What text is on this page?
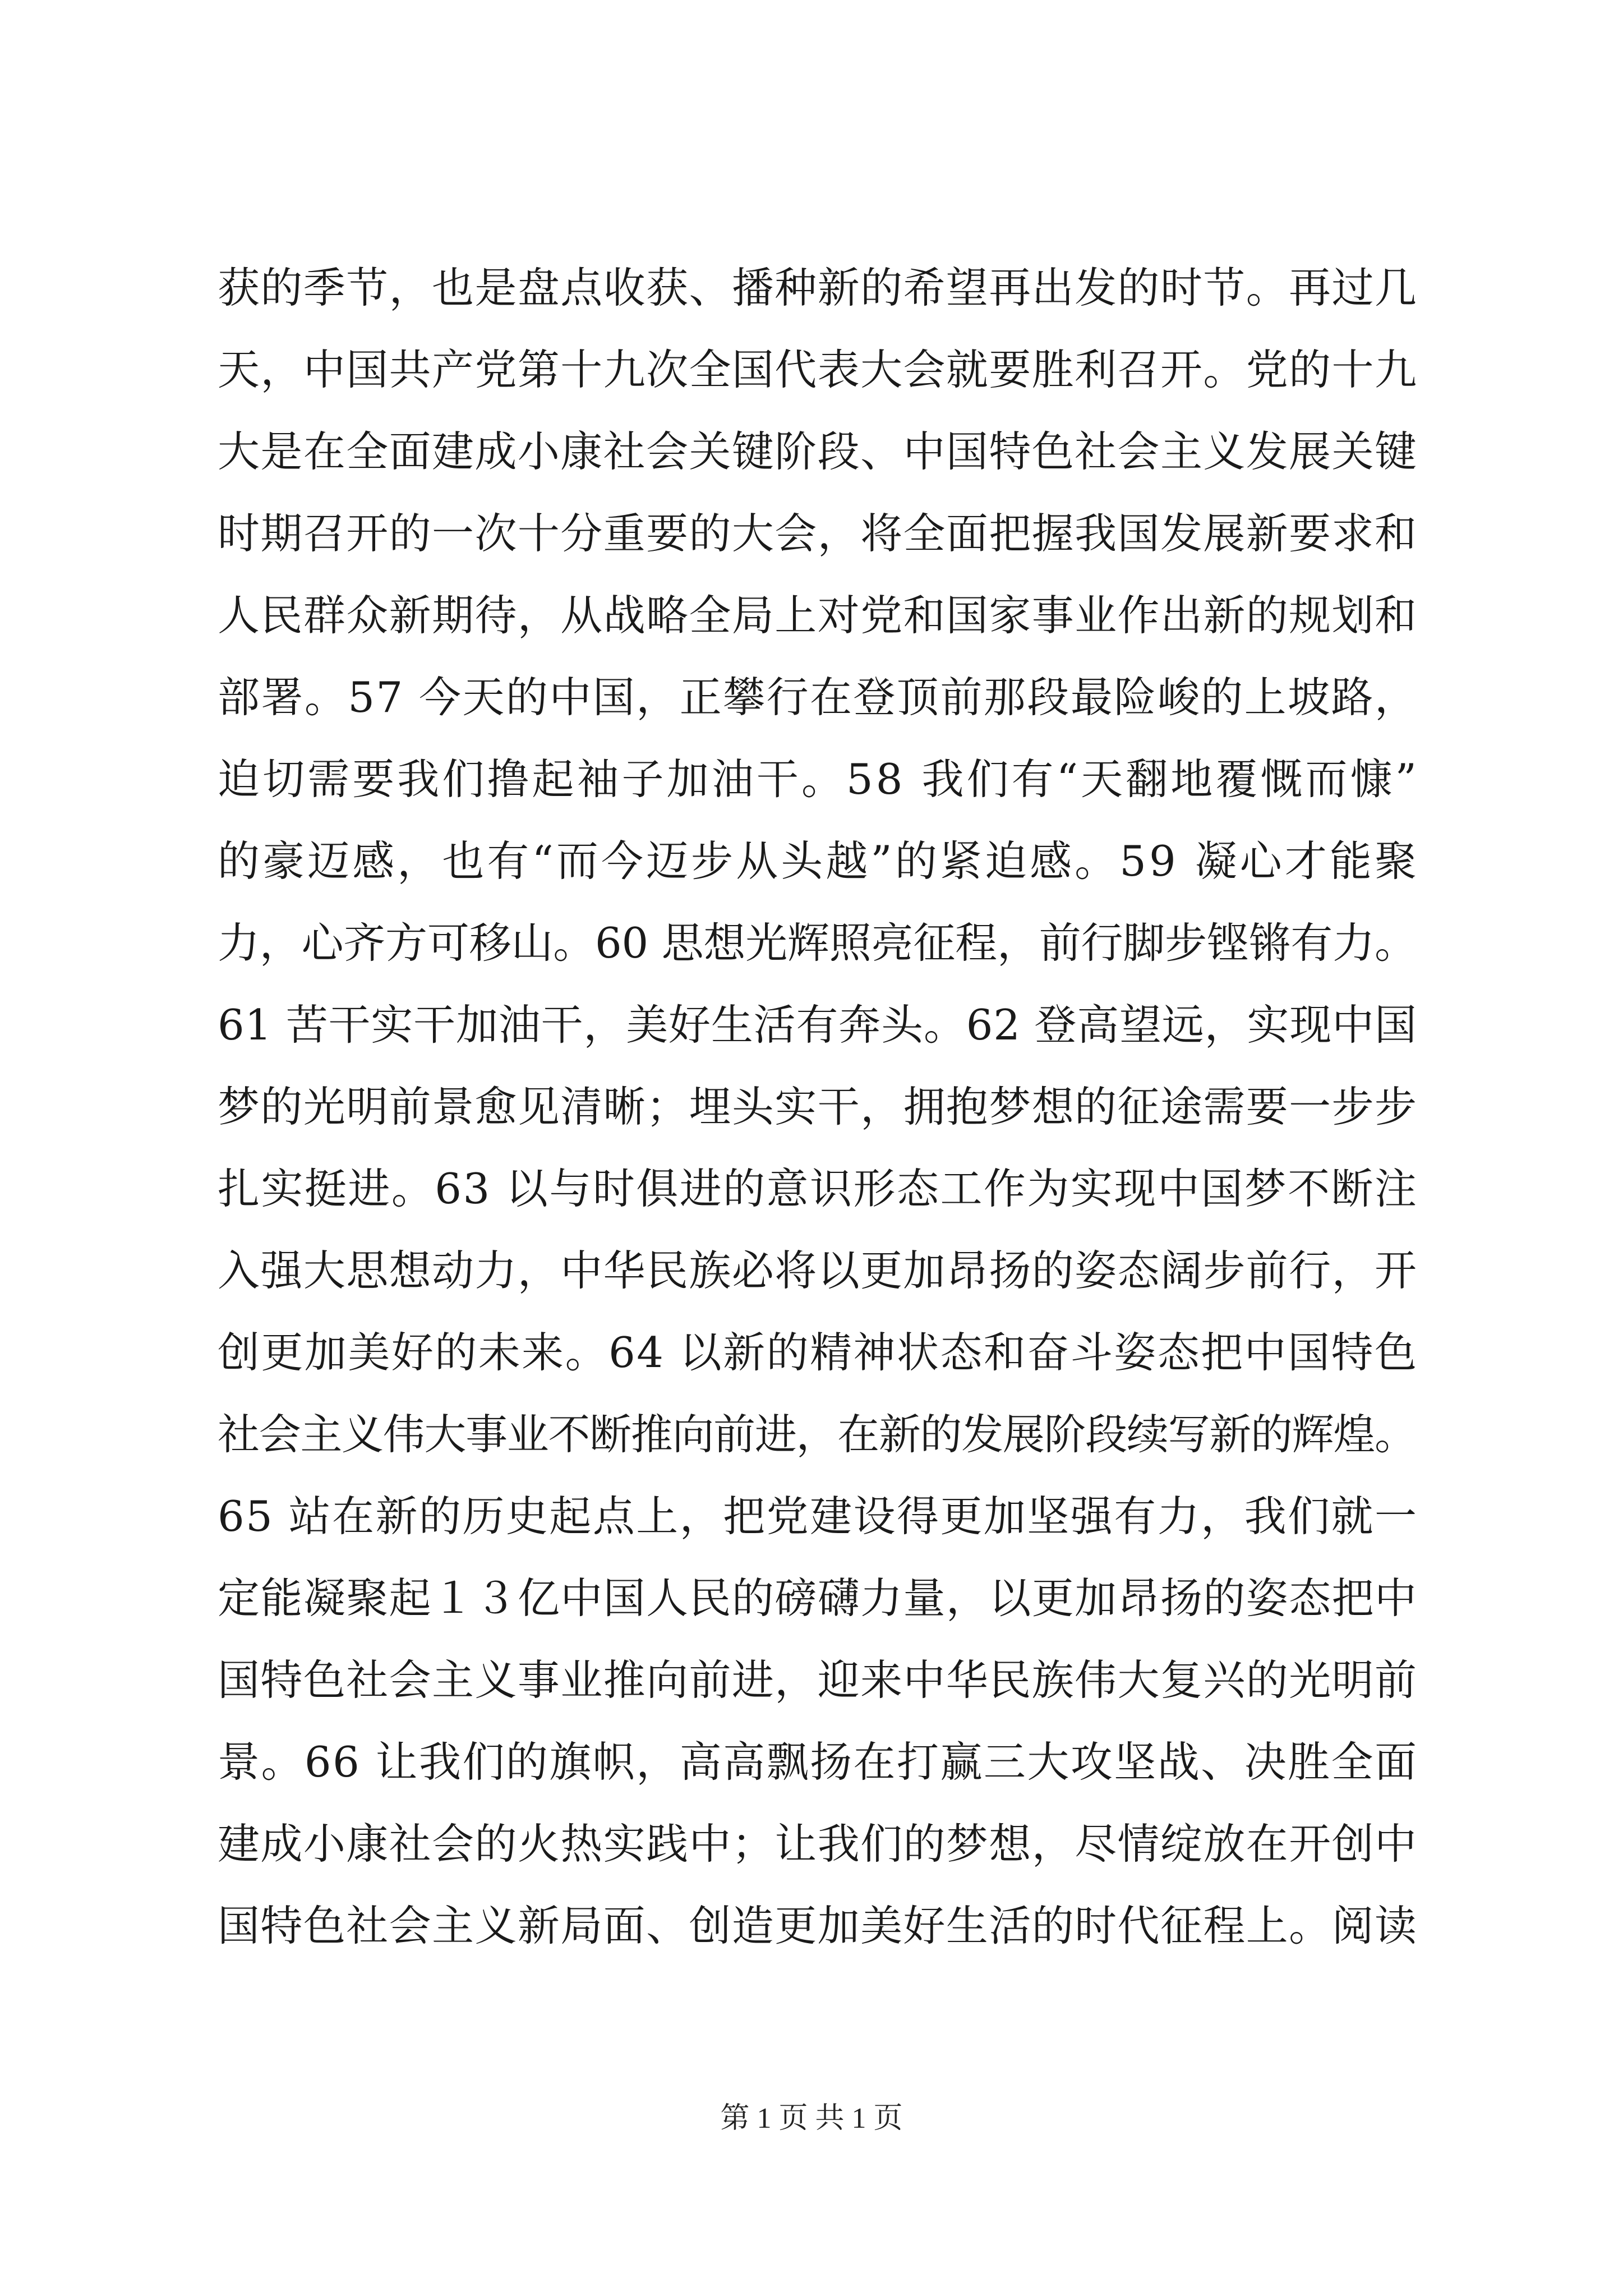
获的季节，也是盘点收获、播种新的希望再出发的时节。再过几
天，中国共产党第十九次全国代表大会就要胜利召开。党的十九
大是在全面建成小康社会关键阶段、中国特色社会主义发展关键
时期召开的一次十分重要的大会，将全面把握我国发展新要求和
人民群众新期待，从战略全局上对党和国家事业作出新的规划和
部署。57 今天的中国，正攀行在登顶前那段最险峻的上坡路，
迫切需要我们撸起袖子加油干。58 我们有“天翻地覆慨而慷”
的豪迈感，也有“而今迈步从头越”的紧迫感。59 凝心才能聚
力，心齐方可移山。60 思想光辉照亮征程，前行脚步铿锵有力。
61 苦干实干加油干，美好生活有奔头。62 登高望远，实现中国
梦的光明前景愈见清晰；埋头实干，拥抱梦想的征途需要一步步
扎实挺进。63 以与时俱进的意识形态工作为实现中国梦不断注
入强大思想动力，中华民族必将以更加昂扬的姿态阔步前行，开
创更加美好的未来。64 以新的精神状态和奋斗姿态把中国特色
社会主义伟大事业不断推向前进，在新的发展阶段续写新的辉煌。
65 站在新的历史起点上，把党建设得更加坚强有力，我们就一
定能凝聚起１３亿中国人民的磅礴力量，以更加昂扬的姿态把中
国特色社会主义事业推向前进，迎来中华民族伟大复兴的光明前
景。66 让我们的旗帜，高高飘扬在打赢三大攻坚战、决胜全面
建成小康社会的火热实践中；让我们的梦想，尽情绽放在开创中
国特色社会主义新局面、创造更加美好生活的时代征程上。阅读
第 1 页 共 1 页
